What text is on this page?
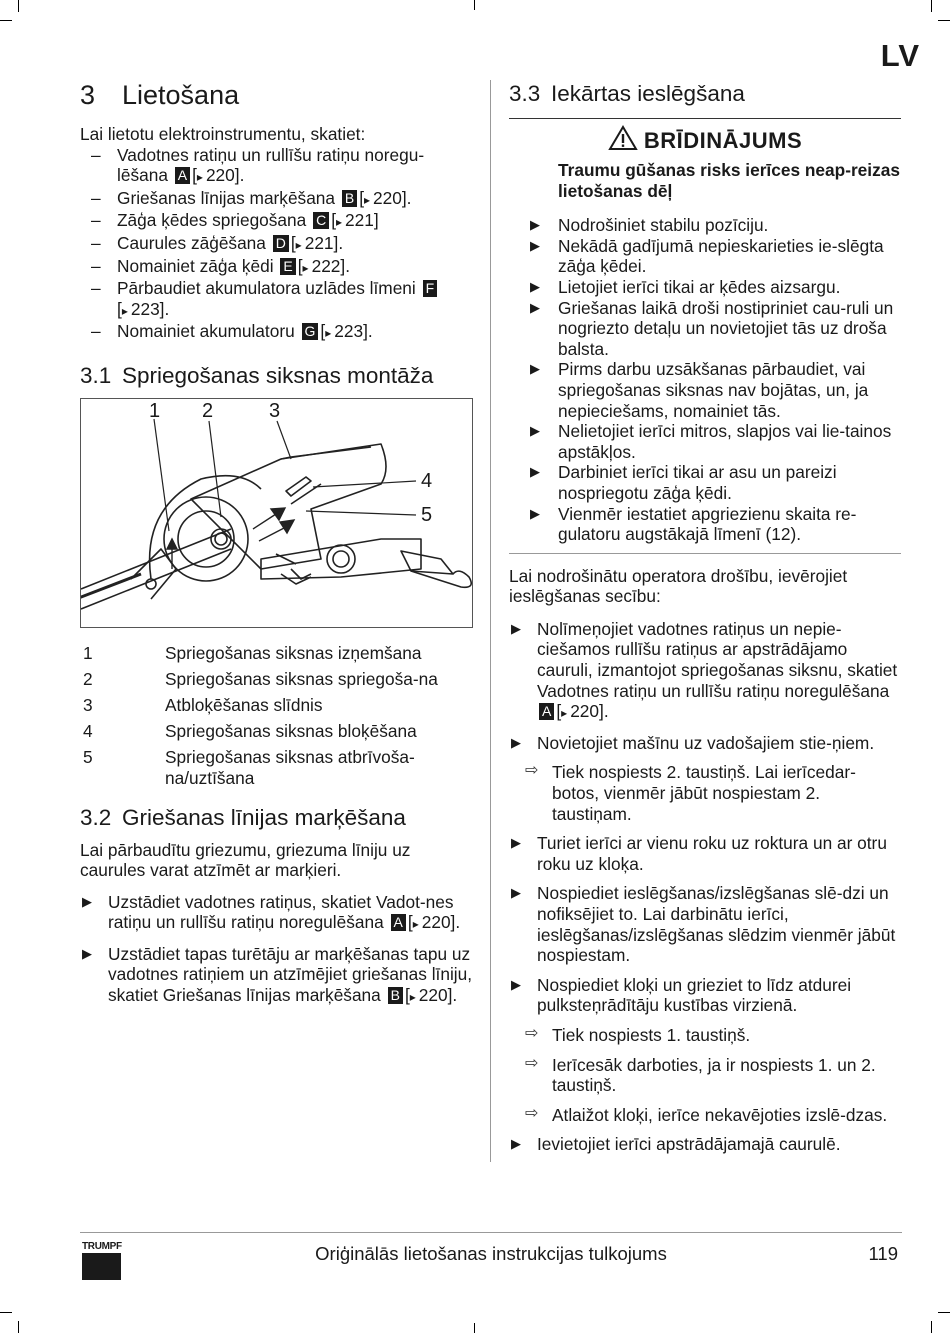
LV
3 Lietošana

Lai lietotu elektroinstrumentu, skatiet:

– Vadotnes ratiņu un rullīšu ratiņu noregu-lēšana A [ ▸ 220].
– Griešanas līnijas marķēšana B [ ▸ 220].
– Zāģa ķēdes spriegošana C [ ▸ 221]
– Caurules zāģēšana D [ ▸ 221].
– Nomainiet zāģa ķēdi E [ ▸ 222].
– Pārbaudiet akumulatora uzlādes līmeni F[ ▸ 223].
– Nomainiet akumulatoru G [ ▸ 223].
3.1 Spriegošanas siksnas montāža
1 2	3
4
5
1	Spriegošanas siksnas izņemšana
2	Spriegošanas siksnas spriegoša-na
3	Atbloķēšanas slīdnis
4	Spriegošanas siksnas bloķēšana
5	Spriegošanas siksnas atbrīvoša-na/uztīšana
3.2 Griešanas līnijas marķēšana

Lai pārbaudītu griezumu, griezuma līniju uz caurules varat atzīmēt ar marķieri.

▶ Uzstādiet vadotnes ratiņus, skatiet Vadot-nes ratiņu un rullīšu ratiņu noregulēšana A [ ▸ 220].
▶ Uzstādiet tapas turētāju ar marķēšanas tapu uz vadotnes ratiņiem un atzīmējiet griešanas līniju, skatiet Griešanas līnijas marķēšana B [ ▸ 220].
3.3 Iekārtas ieslēgšana
BRĪDINĀJUMS
Traumu gūšanas risks ierīces neap-reizas lietošanas dēļ
▶ Nodrošiniet stabilu pozīciju.
▶ Nekādā gadījumā nepieskarieties ie-slēgta zāģa ķēdei.
▶ Lietojiet ierīci tikai ar ķēdes aizsargu.
▶ Griešanas laikā droši nostipriniet cau-ruli un nogriezto detaļu un novietojiet tās uz droša balsta.
▶ Pirms darbu uzsākšanas pārbaudiet, vai spriegošanas siksnas nav bojātas, un, ja nepieciešams, nomainiet tās.
▶ Nelietojiet ierīci mitros, slapjos vai lie-tainos apstākļos.
▶ Darbiniet ierīci tikai ar asu un pareizi nospriegotu zāģa ķēdi.
▶ Vienmēr iestatiet apgriezienu skaita re-gulatoru augstākajā līmenī (12).

Lai nodrošinātu operatora drošību, ievērojiet ieslēgšanas secību:

▶ Nolīmeņojiet vadotnes ratiņus un nepie-ciešamos rullīšu ratiņus ar apstrādājamo cauruli, izmantojot spriegošanas siksnu, skatiet Vadotnes ratiņu un rullīšu ratiņu noregulēšana A [ ▸ 220].
▶ Novietojiet mašīnu uz vadošajiem stie-ņiem.
⇨ Tiek nospiests 2. taustiņš. Lai ierīcedar-botos, vienmēr jābūt nospiestam 2. taustiņam.
▶ Turiet ierīci ar vienu roku uz roktura un ar otru roku uz kloķa.
▶ Nospiediet ieslēgšanas/izslēgšanas slē-dzi un nofiksējiet to. Lai darbinātu ierīci, ieslēgšanas/izslēgšanas slēdzim vienmēr jābūt nospiestam.
▶ Nospiediet kloķi un grieziet to līdz atdurei pulksteņrādītāju kustības virzienā.
⇨ Tiek nospiests 1. taustiņš.
⇨ Ierīcesāk darboties, ja ir nospiests 1. un 2. taustiņš.
⇨ Atlaižot kloķi, ierīce nekavējoties izslē-dzas.
▶ Ievietojiet ierīci apstrādājamajā caurulē.
TRUMPF	Oriģinālās lietošanas instrukcijas tulkojums	119
